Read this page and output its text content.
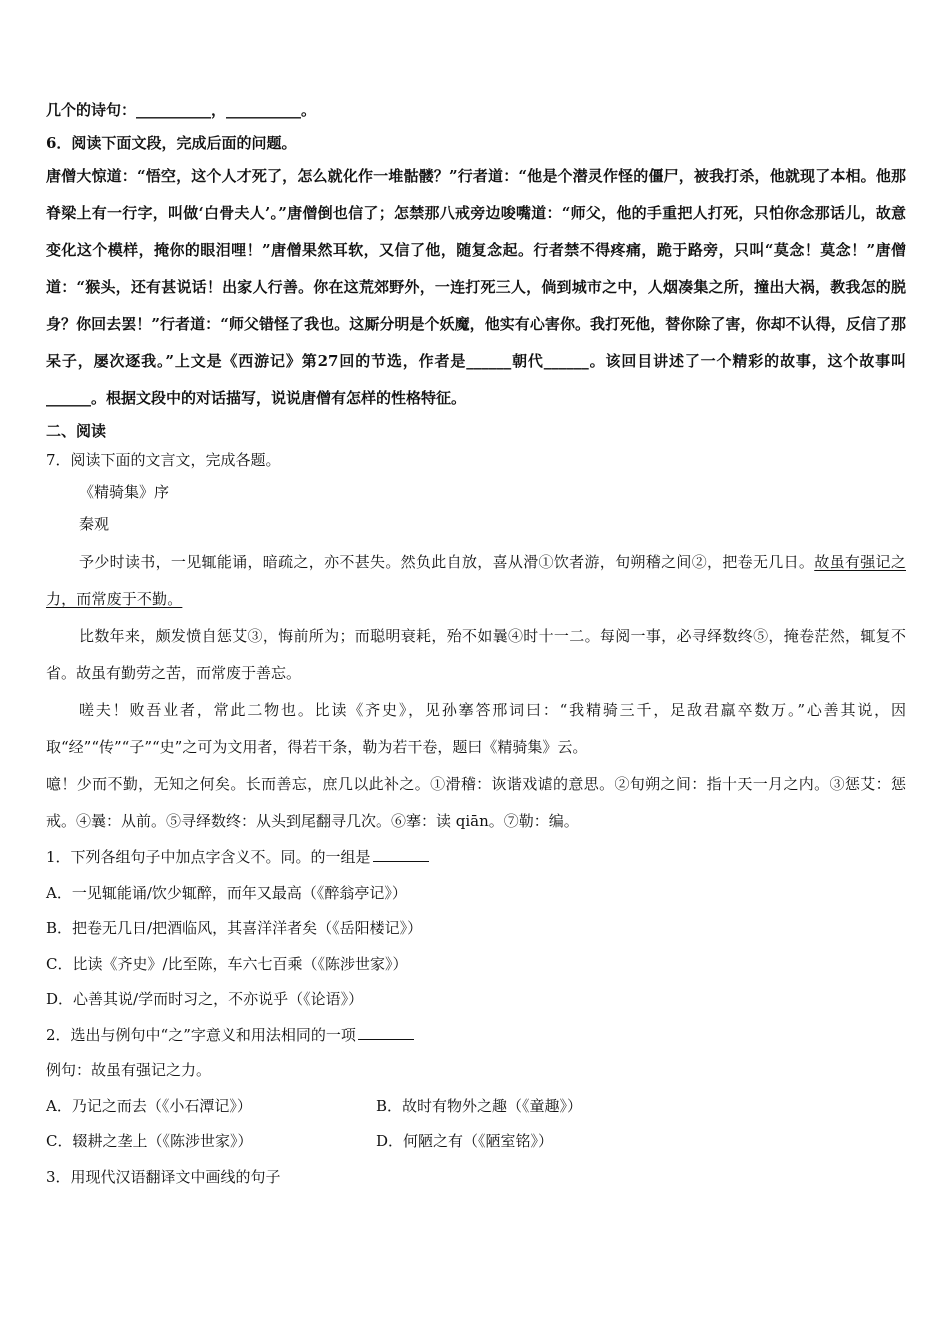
几个的诗句：__________，__________。
6．阅读下面文段，完成后面的问题。

唐僧大惊道：“悟空，这个人才死了，怎么就化作一堆骷髅？”行者道：“他是个潜灵作怪的僵尸，被我打杀，他就现了本相。他那脊梁上有一行字，叫做‘白骨夫人’。”唐僧倒也信了；怎禁那八戒旁边唆嘴道：“师父，他的手重把人打死，只怕你念那话儿，故意变化这个模样，掩你的眼泪哩！”唐僧果然耳软，又信了他，随复念起。行者禁不得疼痛，跪于路旁，只叫“莫念！莫念！”唐僧道：“猴头，还有甚说话！出家人行善。你在这荒郊野外，一连打死三人，倘到城市之中，人烟凑集之所，撞出大祸，教我怎的脱身？你回去罢！”行者道：“师父错怪了我也。这厮分明是个妖魔，他实有心害你。我打死他，替你除了害，你却不认得，反信了那呆子，屡次逐我。”上文是《西游记》第27回的节选，作者是______朝代______。该回目讲述了一个精彩的故事，这个故事叫______。根据文段中的对话描写，说说唐僧有怎样的性格特征。

二、阅读
7．阅读下面的文言文，完成各题。
《精骑集》序
秦观

予少时读书，一见辄能诵，暗疏之，亦不甚失。然负此自放，喜从滑①饮者游，旬朔稽之间②，把卷无几日。故虽有强记之力，而常废于不勤。

比数年来，颇发愤自惩艾③，悔前所为；而聪明衰耗，殆不如曩④时十一二。每阅一事，必寻绎数终⑤，掩卷茫然，辄复不省。故虽有勤劳之苦，而常废于善忘。

嗟夫！败吾业者，常此二物也。比读《齐史》，见孙搴答邢词曰：“我精骑三千，足敌君羸卒数万。”心善其说，因取“经”“传”“子”“史”之可为文用者，得若干条，勒为若干卷，题曰《精骑集》云。

噫！少而不勤，无知之何矣。长而善忘，庶几以此补之。①滑稽：诙谐戏谑的意思。②旬朔之间：指十天一月之内。③惩艾：惩戒。④曩：从前。⑤寻绎数终：从头到尾翻寻几次。⑥搴：读 qiān。⑦勒：编。

1．下列各组句子中加点字含义不。同。的一组是
A．一见辄能诵/饮少辄醉，而年又最高（《醉翁亭记》）
B．把卷无几日/把酒临风，其喜洋洋者矣（《岳阳楼记》）
C．比读《齐史》/比至陈，车六七百乘（《陈涉世家》）
D．心善其说/学而时习之，不亦说乎（《论语》）
2．选出与例句中“之”字意义和用法相同的一项
例句：故虽有强记之力。
A．乃记之而去（《小石潭记》）	B．故时有物外之趣（《童趣》）
C．辍耕之垄上（《陈涉世家》）	D．何陋之有（《陋室铭》）
3．用现代汉语翻译文中画线的句子
